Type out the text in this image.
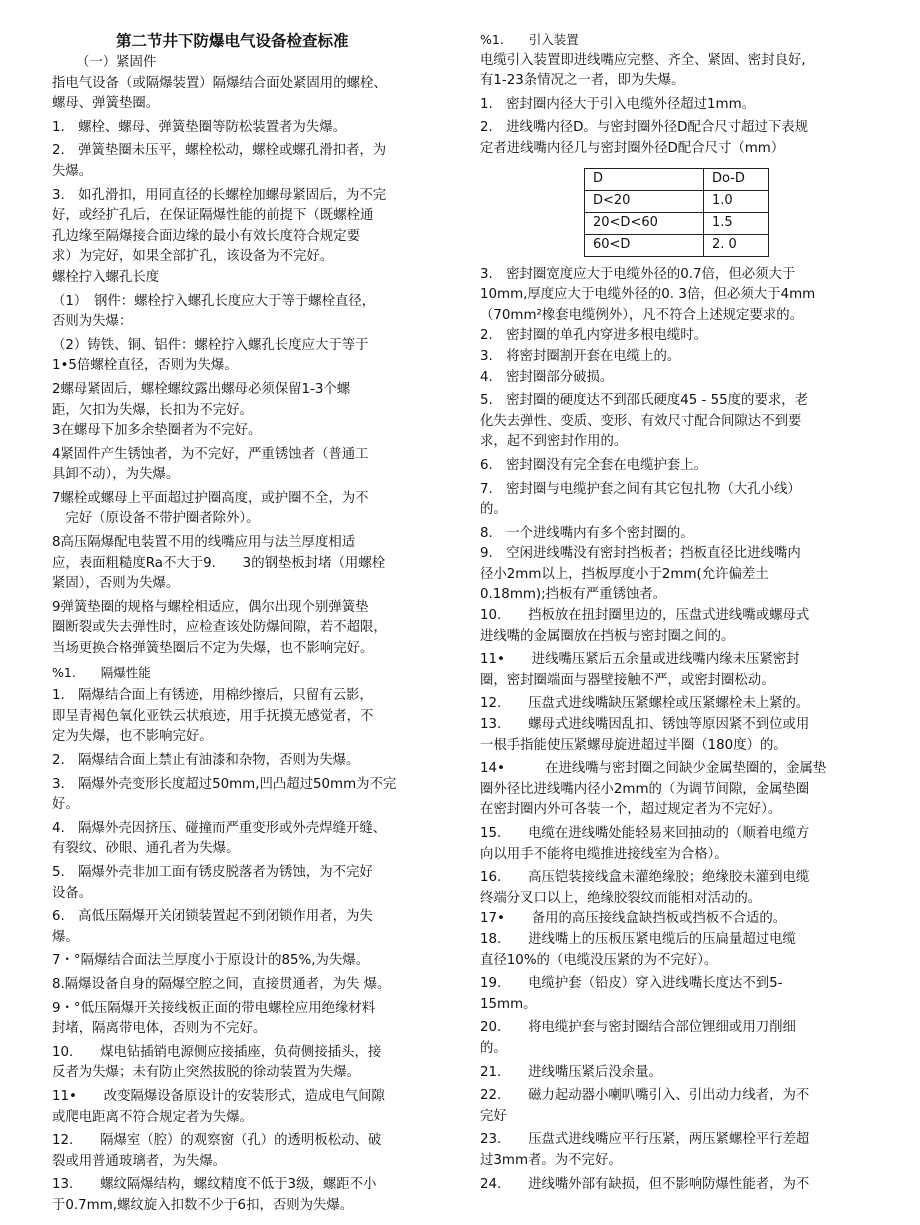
第二节井下防爆电气设备检查标准
（一）紧固件
指电气设备（或隔爆装置）隔爆结合面处紧固用的螺栓、
螺母、弹簧垫圈。
1.　螺栓、螺母、弹簧垫圈等防松装置者为失爆。
2.　弹簧垫圈未压平，螺栓松动，螺栓或螺孔滑扣者，为
失爆。
3.　如孔滑扣，用同直径的长螺栓加螺母紧固后，为不完
好，或经扩孔后，在保证隔爆性能的前提下（既螺栓通
孔边缘至隔爆接合面边缘的最小有效长度符合规定要
求）为完好，如果全部扩孔，该设备为不完好。
螺栓拧入螺孔长度
（1）　钢件：螺栓拧入螺孔长度应大于等于螺栓直径，
否则为失爆：
（2）铸铁、铜、铝件：螺栓拧入螺孔长度应大于等于
1•5倍螺栓直径，否则为失爆。
2螺母紧固后，螺栓螺纹露出螺母必须保留1-3个螺
距，欠扣为失爆，长扣为不完好。
3在螺母下加多余垫圈者为不完好。
4紧固件产生锈蚀者，为不完好，严重锈蚀者（普通工
具卸不动），为失爆。
7螺栓或螺母上平面超过护圈高度，或护圈不全，为不
　完好（原设备不带护圈者除外）。
8高压隔爆配电装置不用的线嘴应用与法兰厚度相适
应，表面粗糙度Ra不大于9.　　3的钢垫板封堵（用螺栓
紧固），否则为失爆。
9弹簧垫圈的规格与螺栓相适应，偶尔出现个别弹簧垫
圈断裂或失去弹性时，应检查该处防爆间隙，若不超限，
当场更换合格弹簧垫圈后不定为失爆，也不影响完好。
%1.　　隔爆性能
1.　隔爆结合面上有锈迹，用棉纱擦后，只留有云影，
即呈青褐色氧化亚铁云状痕迹，用手抚摸无感觉者，不
定为失爆，也不影响完好。
2.　隔爆结合面上禁止有油漆和杂物，否则为失爆。
3.　隔爆外壳变形长度超过50mm,凹凸超过50mm为不完
好。
4.　隔爆外壳因挤压、碰撞而严重变形或外壳焊缝开缝、
有裂纹、砂眼、通孔者为失爆。
5.　隔爆外壳非加工面有锈皮脱落者为锈蚀，为不完好
设备。
6.　高低压隔爆开关闭锁装置起不到闭锁作用者，为失
爆。
7・°隔爆结合面法兰厚度小于原设计的85%,为失爆。
8.隔爆设备自身的隔爆空腔之间，直接贯通者，为失 爆。
9・°低压隔爆开关接线板正面的带电螺栓应用绝缘材料
封堵，隔离带电体，否则为不完好。
10.　　煤电钻插销电源侧应接插座，负荷侧接插头，接
反者为失爆；未有防止突然拔脱的徐动装置为失爆。
11•　　改变隔爆设备原设计的安装形式，造成电气间隙
或爬电距离不符合规定者为失爆。
12.　　隔爆室（腔）的观察窗（孔）的透明板松动、破
裂或用普通玻璃者，为失爆。
13.　　螺纹隔爆结构，螺纹精度不低于3级，螺距不小
于0.7mm,螺纹旋入扣数不少于6扣，否则为失爆。
%1.　　引入装置
电缆引入装置即进线嘴应完整、齐全、紧固、密封良好,
有1-23条情况之一者，即为失爆。
1.　密封圈内径大于引入电缆外径超过1mm。
2.　进线嘴内径D。与密封圈外径D配合尺寸超过下表规
定者进线嘴内径几与密封圈外径D配合尺寸（mm）
D	Do-D
D<20	1.0
20<D<60	1.5
60<D	2. 0
3.　密封圈宽度应大于电缆外径的0.7倍，但必须大于
10mm,厚度应大于电缆外径的0. 3倍，但必须大于4mm
（70mm²橡套电缆例外），凡不符合上述规定要求的。
2.　密封圈的单孔内穿进多根电缆时。
3.　将密封圈割开套在电缆上的。
4.　密封圈部分破损。
5.　密封圈的硬度达不到邵氏硬度45 - 55度的要求，老
化失去弹性、变质、变形、有效尺寸配合间隙达不到要
求，起不到密封作用的。
6.　密封圈没有完全套在电缆护套上。
7.　密封圈与电缆护套之间有其它包扎物（大孔小线）
的。
8.　一个进线嘴内有多个密封圈的。
9.　空闲进线嘴没有密封挡板者；挡板直径比进线嘴内
径小2mm以上，挡板厚度小于2mm(允许偏差土
0.18mm);挡板有严重锈蚀者。
10.　　挡板放在扭封圈里边的，压盘式进线嘴或螺母式
进线嘴的金属圈放在挡板与密封圈之间的。
11•　　进线嘴压紧后五余量或进线嘴内缘未压紧密封
圈，密封圈端面与器壁接触不严，或密封圈松动。
12.　　压盘式进线嘴缺压紧螺栓或压紧螺栓未上紧的。
13.　　螺母式进线嘴因乱扣、锈蚀等原因紧不到位或用
一根手指能使压紧螺母旋进超过半圈（180度）的。
14•　　　在进线嘴与密封圈之间缺少金属垫圈的，金属垫
圈外径比进线嘴内径小2mm的（为调节间隙，金属垫圈
在密封圈内外可各装一个，超过规定者为不完好）。
15.　　电缆在进线嘴处能轻易来回抽动的（顺着电缆方
向以用手不能将电缆推进接线室为合格）。
16.　　高压铠装接线盒未灌绝缘胶；绝缘胶未灌到电缆
终端分叉口以上，绝缘胶裂纹而能相对活动的。
17•　　备用的高压接线盒缺挡板或挡板不合适的。
18.　　进线嘴上的压板压紧电缆后的压扁量超过电缆
直径10%的（电缆没压紧的为不完好）。
19.　　电缆护套（铅皮）穿入进线嘴长度达不到5-
15mm。
20.　　将电缆护套与密封圈结合部位锂细或用刀削细
的。
21.　　进线嘴压紧后没余量。
22.　　磁力起动器小喇叭嘴引入、引出动力线者，为不
完好
23.　　压盘式进线嘴应平行压紧，两压紧螺栓平行差超
过3mm者。为不完好。
24.　　进线嘴外部有缺损，但不影响防爆性能者，为不
